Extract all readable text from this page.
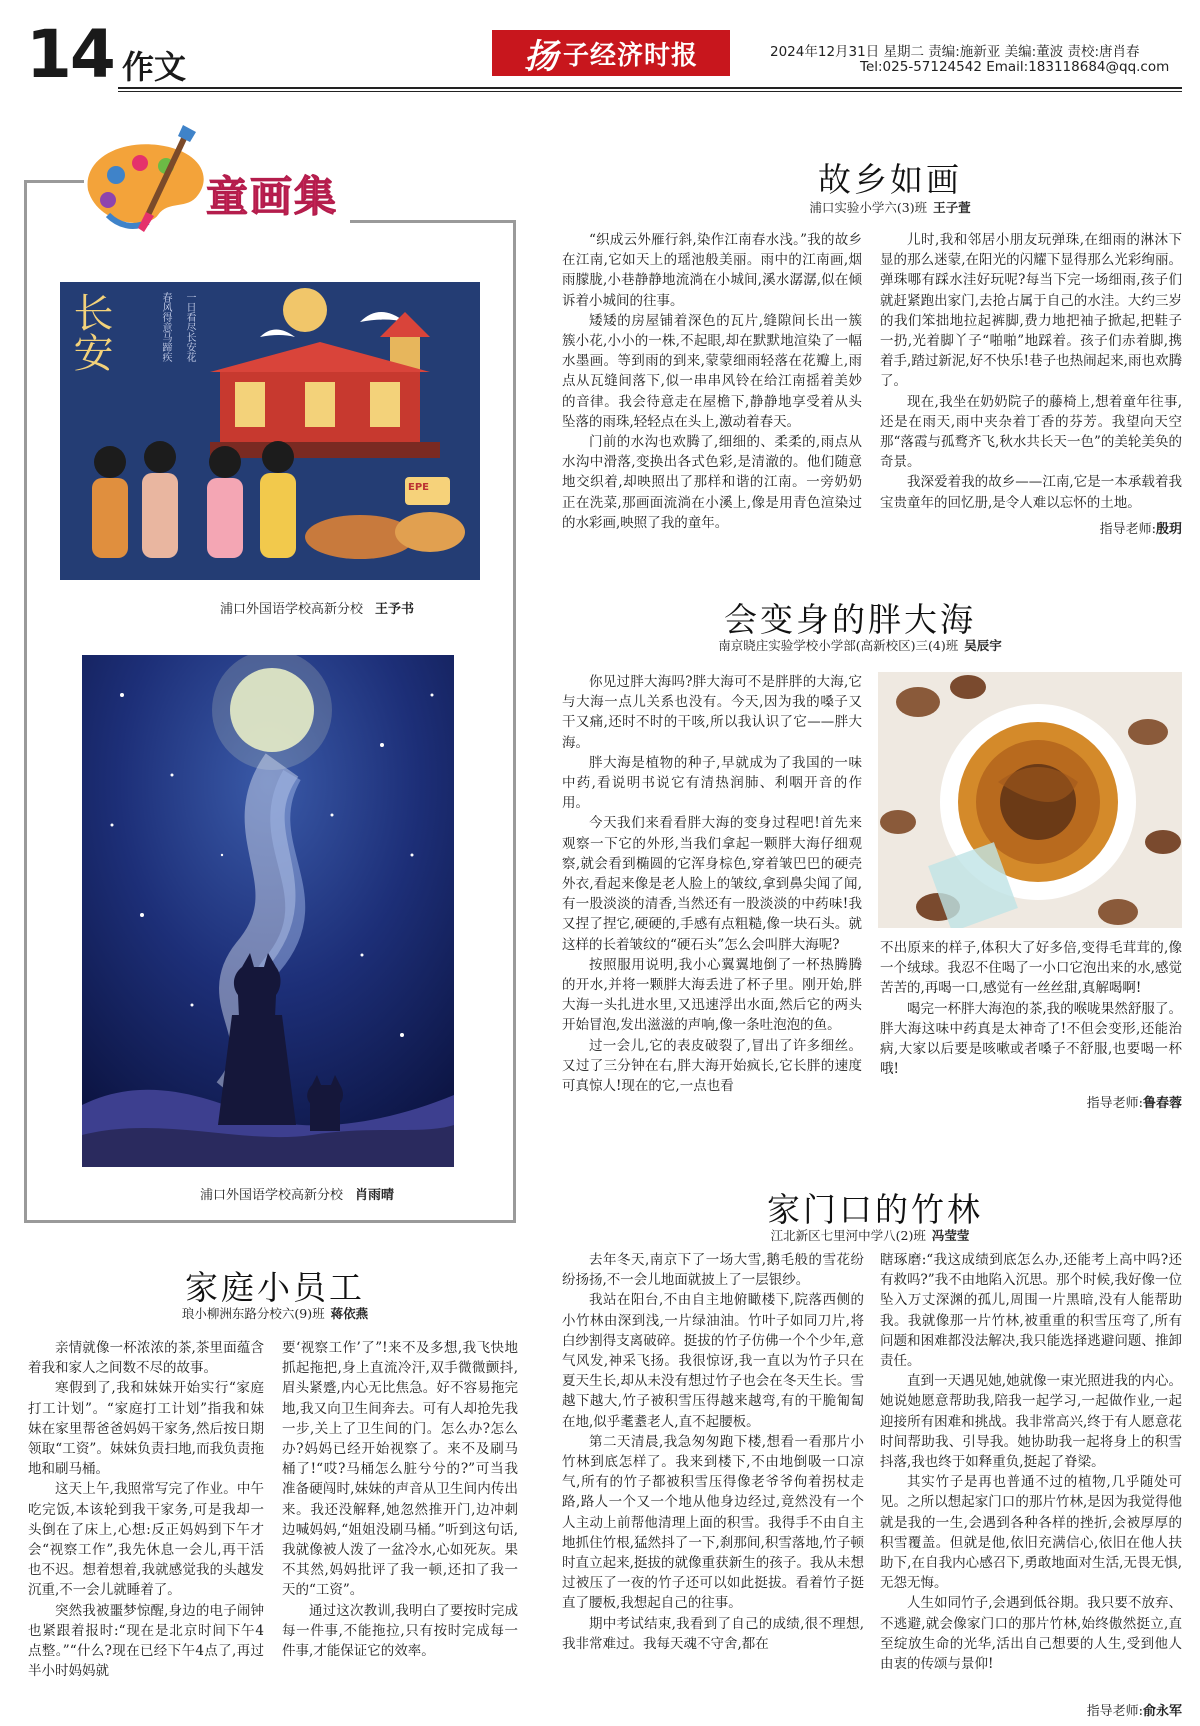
14 作文	扬 子经济时报	2024年12月31日 星期二 责编:施新亚 美编:董波 责校:唐肖春
Tel:025-57124542 Email:183118684@qq.com
童画集
长安	一日看尽长安花
春风得意马蹄疾
EPE
浦口外国语学校高新分校 王予书
浦口外国语学校高新分校 肖雨晴
故乡如画
浦口实验小学六(3)班 王子萱

“织成云外雁行斜,染作江南春水浅。”我的故乡在江南,它如天上的瑶池般美丽。雨中的江南画,烟雨朦胧,小巷静静地流淌在小城间,溪水潺潺,似在倾诉着小城间的往事。

矮矮的房屋铺着深色的瓦片,缝隙间长出一簇簇小花,小小的一株,不起眼,却在默默地渲染了一幅水墨画。等到雨的到来,蒙蒙细雨轻落在花瓣上,雨点从瓦缝间落下,似一串串风铃在给江南摇着美妙的音律。我会待意走在屋檐下,静静地享受着从头坠落的雨珠,轻轻点在头上,激动着春天。

门前的水沟也欢腾了,细细的、柔柔的,雨点从水沟中滑落,变换出各式色彩,是清澈的。他们随意地交织着,却映照出了那样和谐的江南。一旁奶奶正在洗菜,那画面流淌在小溪上,像是用青色渲染过的水彩画,映照了我的童年。

儿时,我和邻居小朋友玩弹珠,在细雨的淋沐下显的那么迷蒙,在阳光的闪耀下显得那么光彩绚丽。弹珠哪有踩水洼好玩呢?每当下完一场细雨,孩子们就赶紧跑出家门,去抢占属于自己的水洼。大约三岁的我们笨拙地拉起裤脚,费力地把袖子掀起,把鞋子一扔,光着脚丫子“啪啪”地踩着。孩子们赤着脚,携着手,踏过新泥,好不快乐!巷子也热闹起来,雨也欢腾了。

现在,我坐在奶奶院子的藤椅上,想着童年往事,还是在雨天,雨中夹杂着丁香的芬芳。我望向天空那“落霞与孤鹜齐飞,秋水共长天一色”的美轮美奂的奇景。

我深爱着我的故乡——江南,它是一本承载着我宝贵童年的回忆册,是令人难以忘怀的土地。

指导老师:殷玥
会变身的胖大海
南京晓庄实验学校小学部(高新校区)三(4)班 吴辰宇

你见过胖大海吗?胖大海可不是胖胖的大海,它与大海一点儿关系也没有。今天,因为我的嗓子又干又痛,还时不时的干咳,所以我认识了它——胖大海。

胖大海是植物的种子,早就成为了我国的一味中药,看说明书说它有清热润肺、利咽开音的作用。

今天我们来看看胖大海的变身过程吧!首先来观察一下它的外形,当我们拿起一颗胖大海仔细观察,就会看到椭圆的它浑身棕色,穿着皱巴巴的硬壳外衣,看起来像是老人脸上的皱纹,拿到鼻尖闻了闻,有一股淡淡的清香,当然还有一股淡淡的中药味!我又捏了捏它,硬硬的,手感有点粗糙,像一块石头。就这样的长着皱纹的“硬石头”怎么会叫胖大海呢?

按照服用说明,我小心翼翼地倒了一杯热腾腾的开水,并将一颗胖大海丢进了杯子里。刚开始,胖大海一头扎进水里,又迅速浮出水面,然后它的两头开始冒泡,发出滋滋的声响,像一条吐泡泡的鱼。

过一会儿,它的表皮破裂了,冒出了许多细丝。又过了三分钟在右,胖大海开始疯长,它长胖的速度可真惊人!现在的它,一点也看

不出原来的样子,体积大了好多倍,变得毛茸茸的,像一个绒球。我忍不住喝了一小口它泡出来的水,感觉苦苦的,再喝一口,感觉有一丝丝甜,真解喝啊!

喝完一杯胖大海泡的茶,我的喉咙果然舒服了。胖大海这味中药真是太神奇了!不但会变形,还能治病,大家以后要是咳嗽或者嗓子不舒服,也要喝一杯哦!

指导老师:鲁春蓉
家门口的竹林
江北新区七里河中学八(2)班 冯莹莹

去年冬天,南京下了一场大雪,鹅毛般的雪花纷纷扬扬,不一会儿地面就披上了一层银纱。

我站在阳台,不由自主地俯瞰楼下,院落西侧的小竹林由深到浅,一片绿油油。竹叶子如同刀片,将白纱割得支离破碎。挺拔的竹子仿佛一个个少年,意气风发,神采飞扬。我很惊讶,我一直以为竹子只在夏天生长,却从未没有想过竹子也会在冬天生长。雪越下越大,竹子被积雪压得越来越弯,有的干脆匍匐在地,似乎耄耋老人,直不起腰板。

第二天清晨,我急匆匆跑下楼,想看一看那片小竹林到底怎样了。我来到楼下,不由地倒吸一口凉气,所有的竹子都被积雪压得像老爷爷佝着拐杖走路,路人一个又一个地从他身边经过,竟然没有一个人主动上前帮他清理上面的积雪。我得手不由自主地抓住竹根,猛然抖了一下,刹那间,积雪落地,竹子顿时直立起来,挺拔的就像重获新生的孩子。我从未想过被压了一夜的竹子还可以如此挺拔。看着竹子挺直了腰板,我想起自己的往事。

期中考试结束,我看到了自己的成绩,很不理想,我非常难过。我每天魂不守舍,都在

瞎琢磨:“我这成绩到底怎么办,还能考上高中吗?还有救吗?”我不由地陷入沉思。那个时候,我好像一位坠入万丈深渊的孤儿,周围一片黑暗,没有人能帮助我。我就像那一片竹林,被重重的积雪压弯了,所有问题和困难都没法解决,我只能选择逃避问题、推卸责任。

直到一天遇见她,她就像一束光照进我的内心。她说她愿意帮助我,陪我一起学习,一起做作业,一起迎接所有困难和挑战。我非常高兴,终于有人愿意花时间帮助我、引导我。她协助我一起将身上的积雪抖落,我也终于如释重负,挺起了脊梁。

其实竹子是再也普通不过的植物,几乎随处可见。之所以想起家门口的那片竹林,是因为我觉得他就是我的一生,会遇到各种各样的挫折,会被厚厚的积雪覆盖。但就是他,依旧充满信心,依旧在他人扶助下,在自我内心感召下,勇敢地面对生活,无畏无惧,无怨无悔。

人生如同竹子,会遇到低谷期。我只要不放弃、不逃避,就会像家门口的那片竹林,始终傲然挺立,直至绽放生命的光华,活出自己想要的人生,受到他人由衷的传颂与景仰!

指导老师:俞永军
家庭小员工
琅小柳洲东路分校六(9)班 蒋依燕

亲情就像一杯浓浓的茶,茶里面蕴含着我和家人之间数不尽的故事。

寒假到了,我和妹妹开始实行“家庭打工计划”。“家庭打工计划”指我和妹妹在家里帮爸爸妈妈干家务,然后按日期领取“工资”。妹妹负责扫地,而我负责拖地和刷马桶。

这天上午,我照常写完了作业。中午吃完饭,本该轮到我干家务,可是我却一头倒在了床上,心想:反正妈妈到下午才会“视察工作”,我先休息一会儿,再干活也不迟。想着想着,我就感觉我的头越发沉重,不一会儿就睡着了。

突然我被噩梦惊醒,身边的电子闹钟也紧跟着报时:“现在是北京时间下午4点整。”“什么?现在已经下午4点了,再过半小时妈妈就

要‘视察工作’了”!来不及多想,我飞快地抓起拖把,身上直流冷汗,双手微微颤抖,眉头紧蹙,内心无比焦急。好不容易拖完地,我又向卫生间奔去。可有人却抢先我一步,关上了卫生间的门。怎么办?怎么办?妈妈已经开始视察了。来不及刷马桶了!“哎?马桶怎么脏兮兮的?”可当我准备硬闯时,妹妹的声音从卫生间内传出来。我还没解释,她忽然推开门,边冲刺边喊妈妈,“姐姐没刷马桶。”听到这句话,我就像被人泼了一盆冷水,心如死灰。果不其然,妈妈批评了我一顿,还扣了我一天的“工资”。

通过这次教训,我明白了要按时完成每一件事,不能拖拉,只有按时完成每一件事,才能保证它的效率。
